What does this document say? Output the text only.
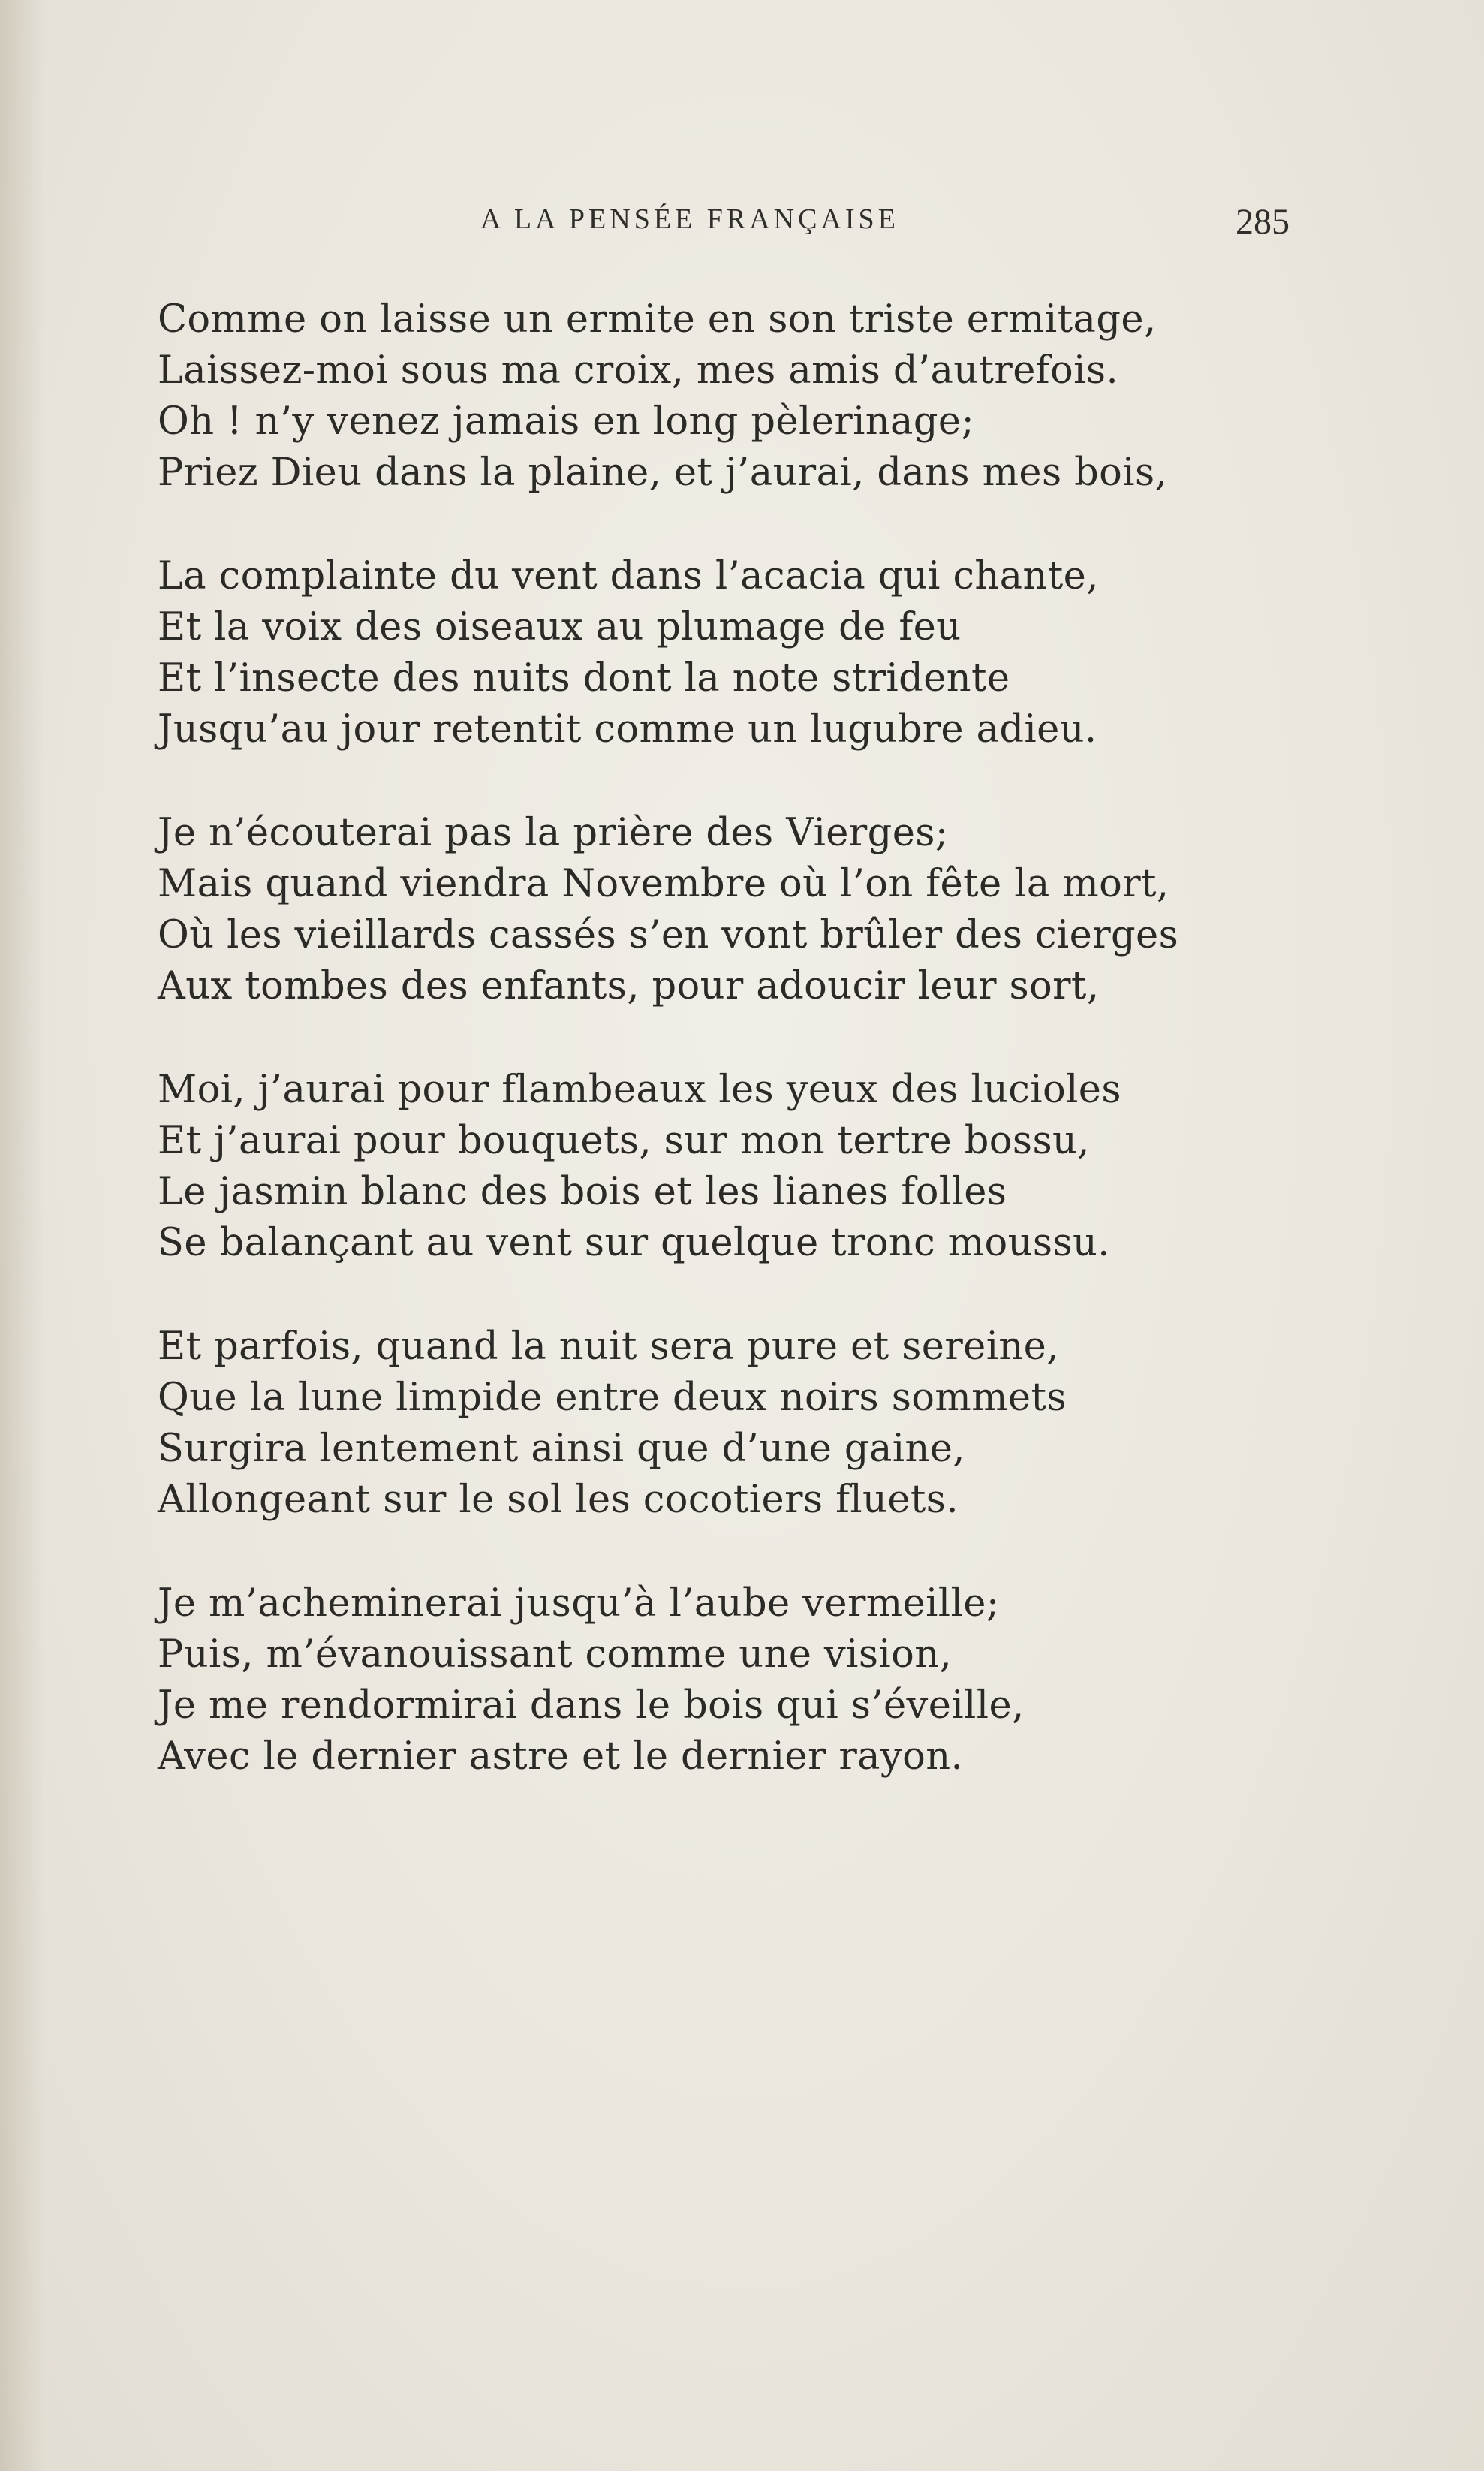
A LA PENSÉE FRANÇAISE	285
Comme on laisse un ermite en son triste ermitage,
Laissez-moi sous ma croix, mes amis d’autrefois.
Oh ! n’y venez jamais en long pèlerinage;
Priez Dieu dans la plaine, et j’aurai, dans mes bois,
La complainte du vent dans l’acacia qui chante,
Et la voix des oiseaux au plumage de feu
Et l’insecte des nuits dont la note stridente
Jusqu’au jour retentit comme un lugubre adieu.
Je n’écouterai pas la prière des Vierges;
Mais quand viendra Novembre où l’on fête la mort,
Où les vieillards cassés s’en vont brûler des cierges
Aux tombes des enfants, pour adoucir leur sort,
Moi, j’aurai pour flambeaux les yeux des lucioles
Et j’aurai pour bouquets, sur mon tertre bossu,
Le jasmin blanc des bois et les lianes folles
Se balançant au vent sur quelque tronc moussu.
Et parfois, quand la nuit sera pure et sereine,
Que la lune limpide entre deux noirs sommets
Surgira lentement ainsi que d’une gaine,
Allongeant sur le sol les cocotiers fluets.
Je m’acheminerai jusqu’à l’aube vermeille;
Puis, m’évanouissant comme une vision,
Je me rendormirai dans le bois qui s’éveille,
Avec le dernier astre et le dernier rayon.
